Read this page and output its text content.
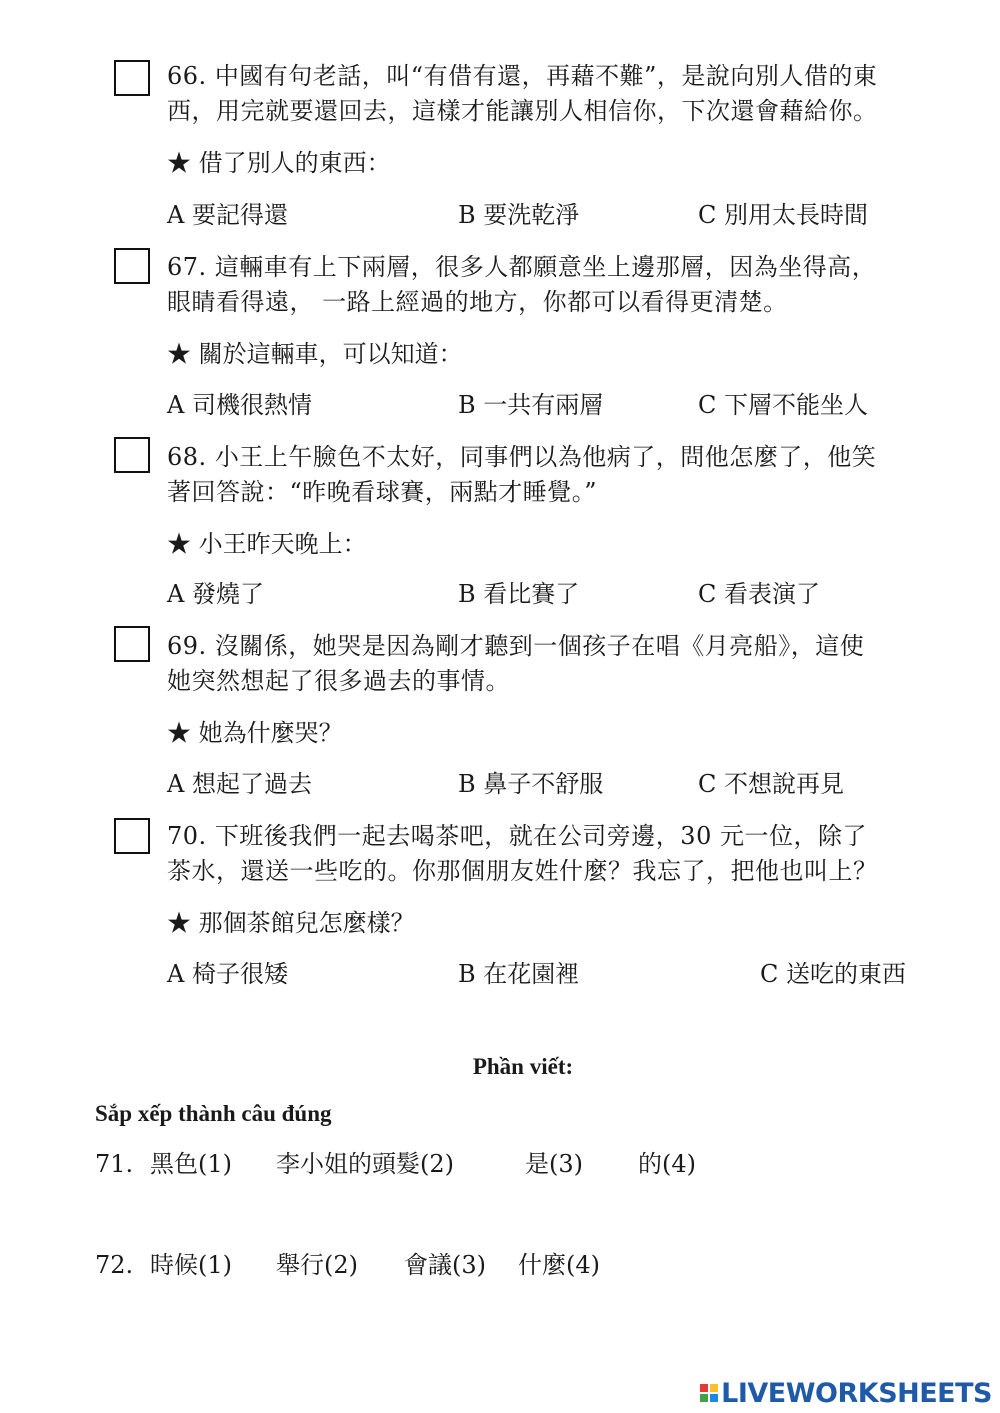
66. 中國有句老話，叫“有借有還，再藉不難”，是說向別人借的東
西，用完就要還回去，這樣才能讓別人相信你，下次還會藉給你。
★ 借了別人的東西：
A 要記得還	B 要洗乾淨	C 別用太長時間
67. 這輛車有上下兩層，很多人都願意坐上邊那層，因為坐得高，
眼睛看得遠， 一路上經過的地方，你都可以看得更清楚。
★ 關於這輛車，可以知道：
A 司機很熱情	B 一共有兩層	C 下層不能坐人
68. 小王上午臉色不太好，同事們以為他病了，問他怎麼了，他笑
著回答說：“昨晚看球賽，兩點才睡覺。”
★ 小王昨天晚上：
A 發燒了	B 看比賽了	C 看表演了
69. 沒關係，她哭是因為剛才聽到一個孩子在唱《月亮船》，這使
她突然想起了很多過去的事情。
★ 她為什麼哭？
A 想起了過去	B 鼻子不舒服	C 不想說再見
70. 下班後我們一起去喝茶吧，就在公司旁邊，30 元一位，除了
茶水，還送一些吃的。你那個朋友姓什麼？我忘了，把他也叫上？
★ 那個茶館兒怎麼樣？
A 椅子很矮	B 在花園裡	C 送吃的東西
Phần viết:
Sắp xếp thành câu đúng
71. 黑色(1) 李小姐的頭髮(2)	是(3) 的(4)
72. 時候(1) 舉行(2) 會議(3) 什麼(4)
LIVEWORKSHEETS
